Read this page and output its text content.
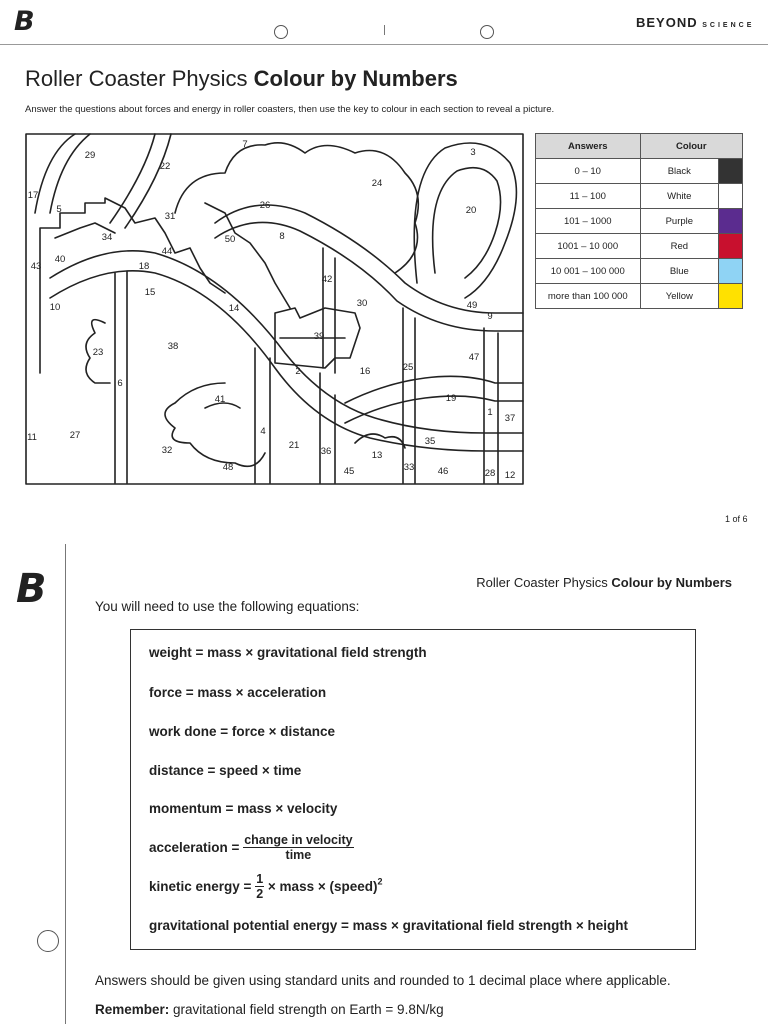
B	BEYOND SCIENCE
Roller Coaster Physics Colour by Numbers
Answer the questions about forces and energy in roller coasters, then use the key to colour in each section to reveal a picture.
29
7
3
22
24
17
5
31
26	20
34	50	8
43
40
44
18
42
15
10	14	30	49
9
39
23
38
47
6
2	16	25
41	19
1
37
4
11	27
21
32	36	13
35
48	45	33 46	28 12
Answers	Colour	
0 – 10	Black	
11 – 100	White	
101 – 1000	Purple	
1001 – 10 000	Red	
10 001 – 100 000	Blue	
more than 100 000	Yellow	
1 of 6
B	Roller Coaster Physics Colour by Numbers
You will need to use the following equations:
weight = mass × gravitational field strength
force = mass × acceleration
work done = force × distance
distance = speed × time
momentum = mass × velocity
acceleration = $\frac{\text{change in velocity}}{\text{time}}$
kinetic energy = $\frac{1}{2}$ × mass × (speed)$^2$
gravitational potential energy = mass × gravitational field strength × height
Answers should be given using standard units and rounded to 1 decimal place where applicable.
Remember: gravitational field strength on Earth = 9.8N/kg
